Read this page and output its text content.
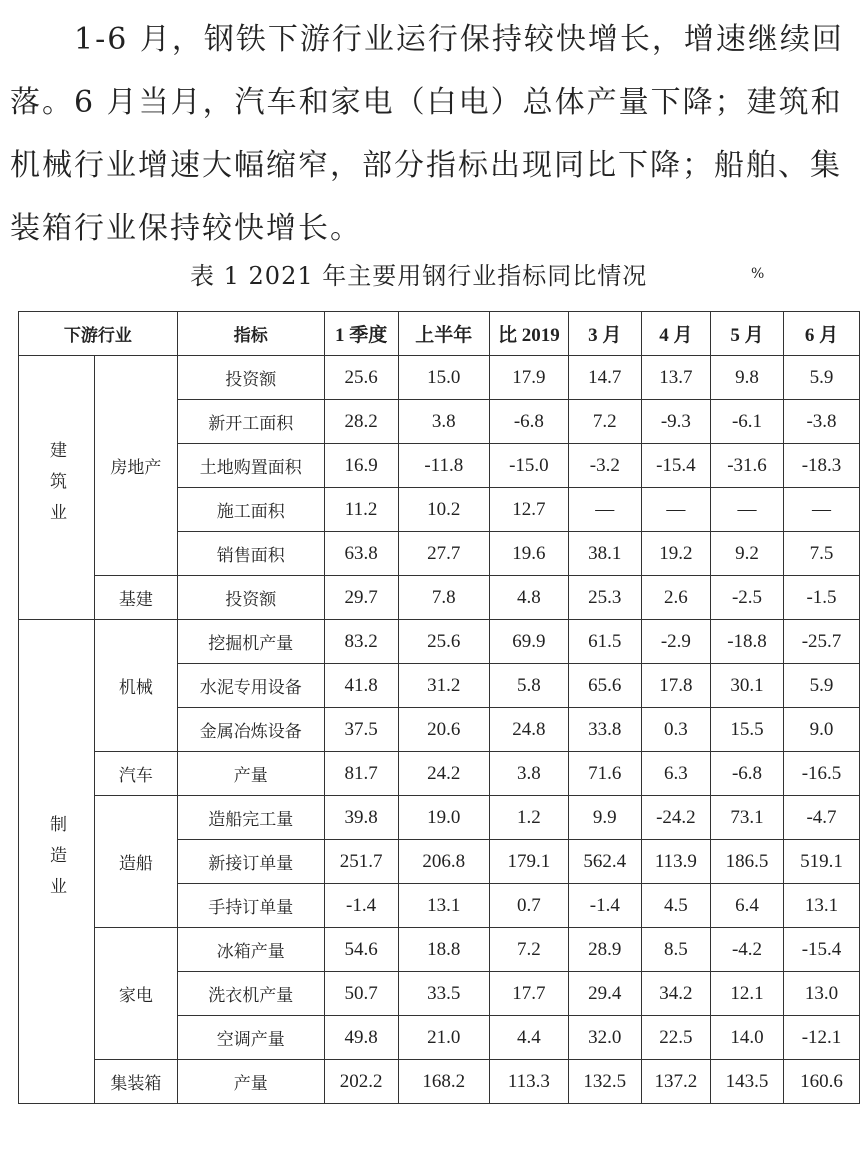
1-6 月，钢铁下游行业运行保持较快增长，增速继续回落。6 月当月，汽车和家电（白电）总体产量下降；建筑和机械行业增速大幅缩窄，部分指标出现同比下降；船舶、集装箱行业保持较快增长。

表 1 2021 年主要用钢行业指标同比情况	%
下游行业		指标	1 季度	上半年	比 2019	3 月	4 月	5 月	6 月
建筑业	房地产	投资额	25.6	15.0	17.9	14.7	13.7	9.8	5.9
		新开工面积	28.2	3.8	-6.8	7.2	-9.3	-6.1	-3.8
		土地购置面积	16.9	-11.8	-15.0	-3.2	-15.4	-31.6	-18.3
		施工面积	11.2	10.2	12.7	—	—	—	—
		销售面积	63.8	27.7	19.6	38.1	19.2	9.2	7.5
	基建	投资额	29.7	7.8	4.8	25.3	2.6	-2.5	-1.5
制造业	机械	挖掘机产量	83.2	25.6	69.9	61.5	-2.9	-18.8	-25.7
		水泥专用设备	41.8	31.2	5.8	65.6	17.8	30.1	5.9
		金属冶炼设备	37.5	20.6	24.8	33.8	0.3	15.5	9.0
	汽车	产量	81.7	24.2	3.8	71.6	6.3	-6.8	-16.5
	造船	造船完工量	39.8	19.0	1.2	9.9	-24.2	73.1	-4.7
		新接订单量	251.7	206.8	179.1	562.4	113.9	186.5	519.1
		手持订单量	-1.4	13.1	0.7	-1.4	4.5	6.4	13.1
	家电	冰箱产量	54.6	18.8	7.2	28.9	8.5	-4.2	-15.4
		洗衣机产量	50.7	33.5	17.7	29.4	34.2	12.1	13.0
		空调产量	49.8	21.0	4.4	32.0	22.5	14.0	-12.1
	集装箱	产量	202.2	168.2	113.3	132.5	137.2	143.5	160.6
